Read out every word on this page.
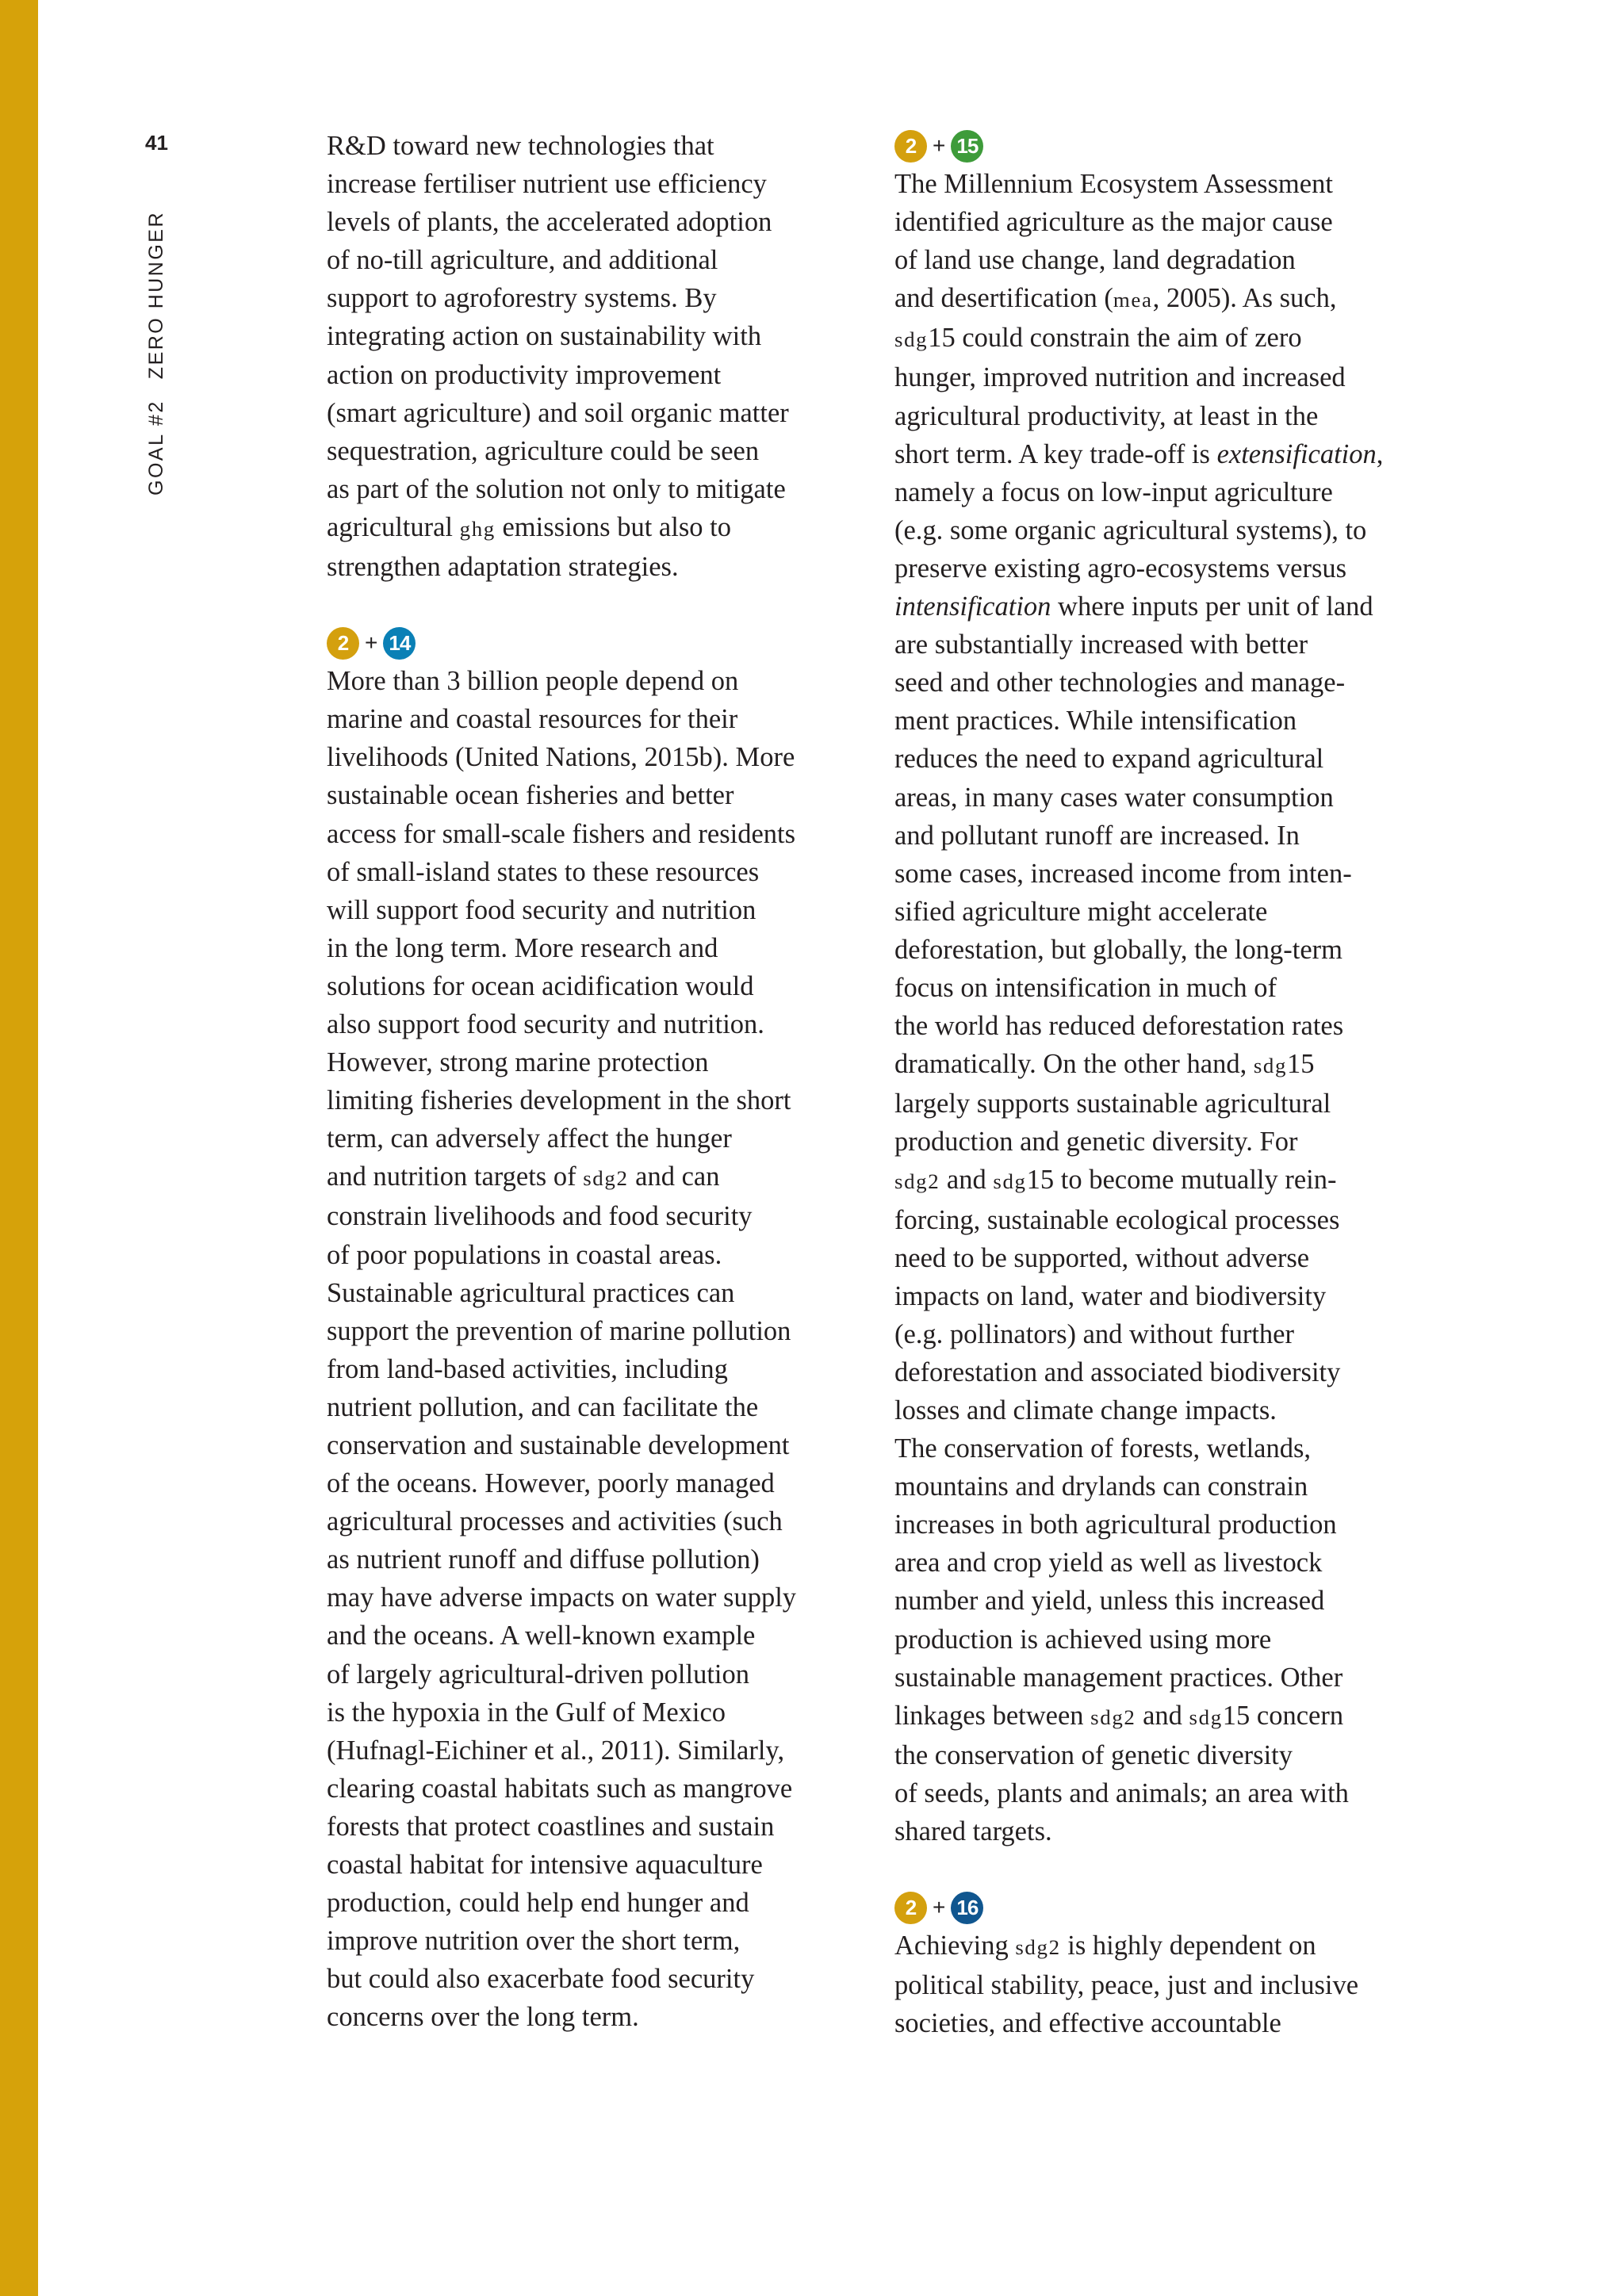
41
GOAL #2ZERO HUNGER

R&D toward new technologies that
increase fertiliser nutrient use efficiency
levels of plants, the accelerated adoption
of no-till agriculture, and additional
support to agroforestry systems. By
integrating action on sustainability with
action on productivity improvement
(smart agriculture) and soil organic matter
sequestration, agriculture could be seen
as part of the solution not only to mitigate
agricultural ghg emissions but also to
strengthen adaptation strategies.

2 + 14

More than 3 billion people depend on
marine and coastal resources for their
livelihoods (United Nations, 2015b). More
sustainable ocean fisheries and better
access for small-scale fishers and residents
of small-island states to these resources
will support food security and nutrition
in the long term. More research and
solutions for ocean acidification would
also support food security and nutrition.
However, strong marine protection
limiting fisheries development in the short
term, can adversely affect the hunger
and nutrition targets of sdg2 and can
constrain livelihoods and food security
of poor populations in coastal areas.
Sustainable agricultural practices can
support the prevention of marine pollution
from land-based activities, including
nutrient pollution, and can facilitate the
conservation and sustainable development
of the oceans. However, poorly managed
agricultural processes and activities (such
as nutrient runoff and diffuse pollution)
may have adverse impacts on water supply
and the oceans. A well-known example
of largely agricultural-driven pollution
is the hypoxia in the Gulf of Mexico
(Hufnagl-Eichiner et al., 2011). Similarly,
clearing coastal habitats such as mangrove
forests that protect coastlines and sustain
coastal habitat for intensive aquaculture
production, could help end hunger and
improve nutrition over the short term,
but could also exacerbate food security
concerns over the long term.

2 + 15

The Millennium Ecosystem Assessment
identified agriculture as the major cause
of land use change, land degradation
and desertification (mea, 2005). As such,
sdg15 could constrain the aim of zero
hunger, improved nutrition and increased
agricultural productivity, at least in the
short term. A key trade-off is extensification,
namely a focus on low-input agriculture
(e.g. some organic agricultural systems), to
preserve existing agro-ecosystems versus
intensification where inputs per unit of land
are substantially increased with better
seed and other technologies and manage-
ment practices. While intensification
reduces the need to expand agricultural
areas, in many cases water consumption
and pollutant runoff are increased. In
some cases, increased income from inten-
sified agriculture might accelerate
deforestation, but globally, the long-term
focus on intensification in much of
the world has reduced deforestation rates
dramatically. On the other hand, sdg15
largely supports sustainable agricultural
production and genetic diversity. For
sdg2 and sdg15 to become mutually rein-
forcing, sustainable ecological processes
need to be supported, without adverse
impacts on land, water and biodiversity
(e.g. pollinators) and without further
deforestation and associated biodiversity
losses and climate change impacts.
The conservation of forests, wetlands,
mountains and drylands can constrain
increases in both agricultural production
area and crop yield as well as livestock
number and yield, unless this increased
production is achieved using more
sustainable management practices. Other
linkages between sdg2 and sdg15 concern
the conservation of genetic diversity
of seeds, plants and animals; an area with
shared targets.

2 + 16

Achieving sdg2 is highly dependent on
political stability, peace, just and inclusive
societies, and effective accountable
